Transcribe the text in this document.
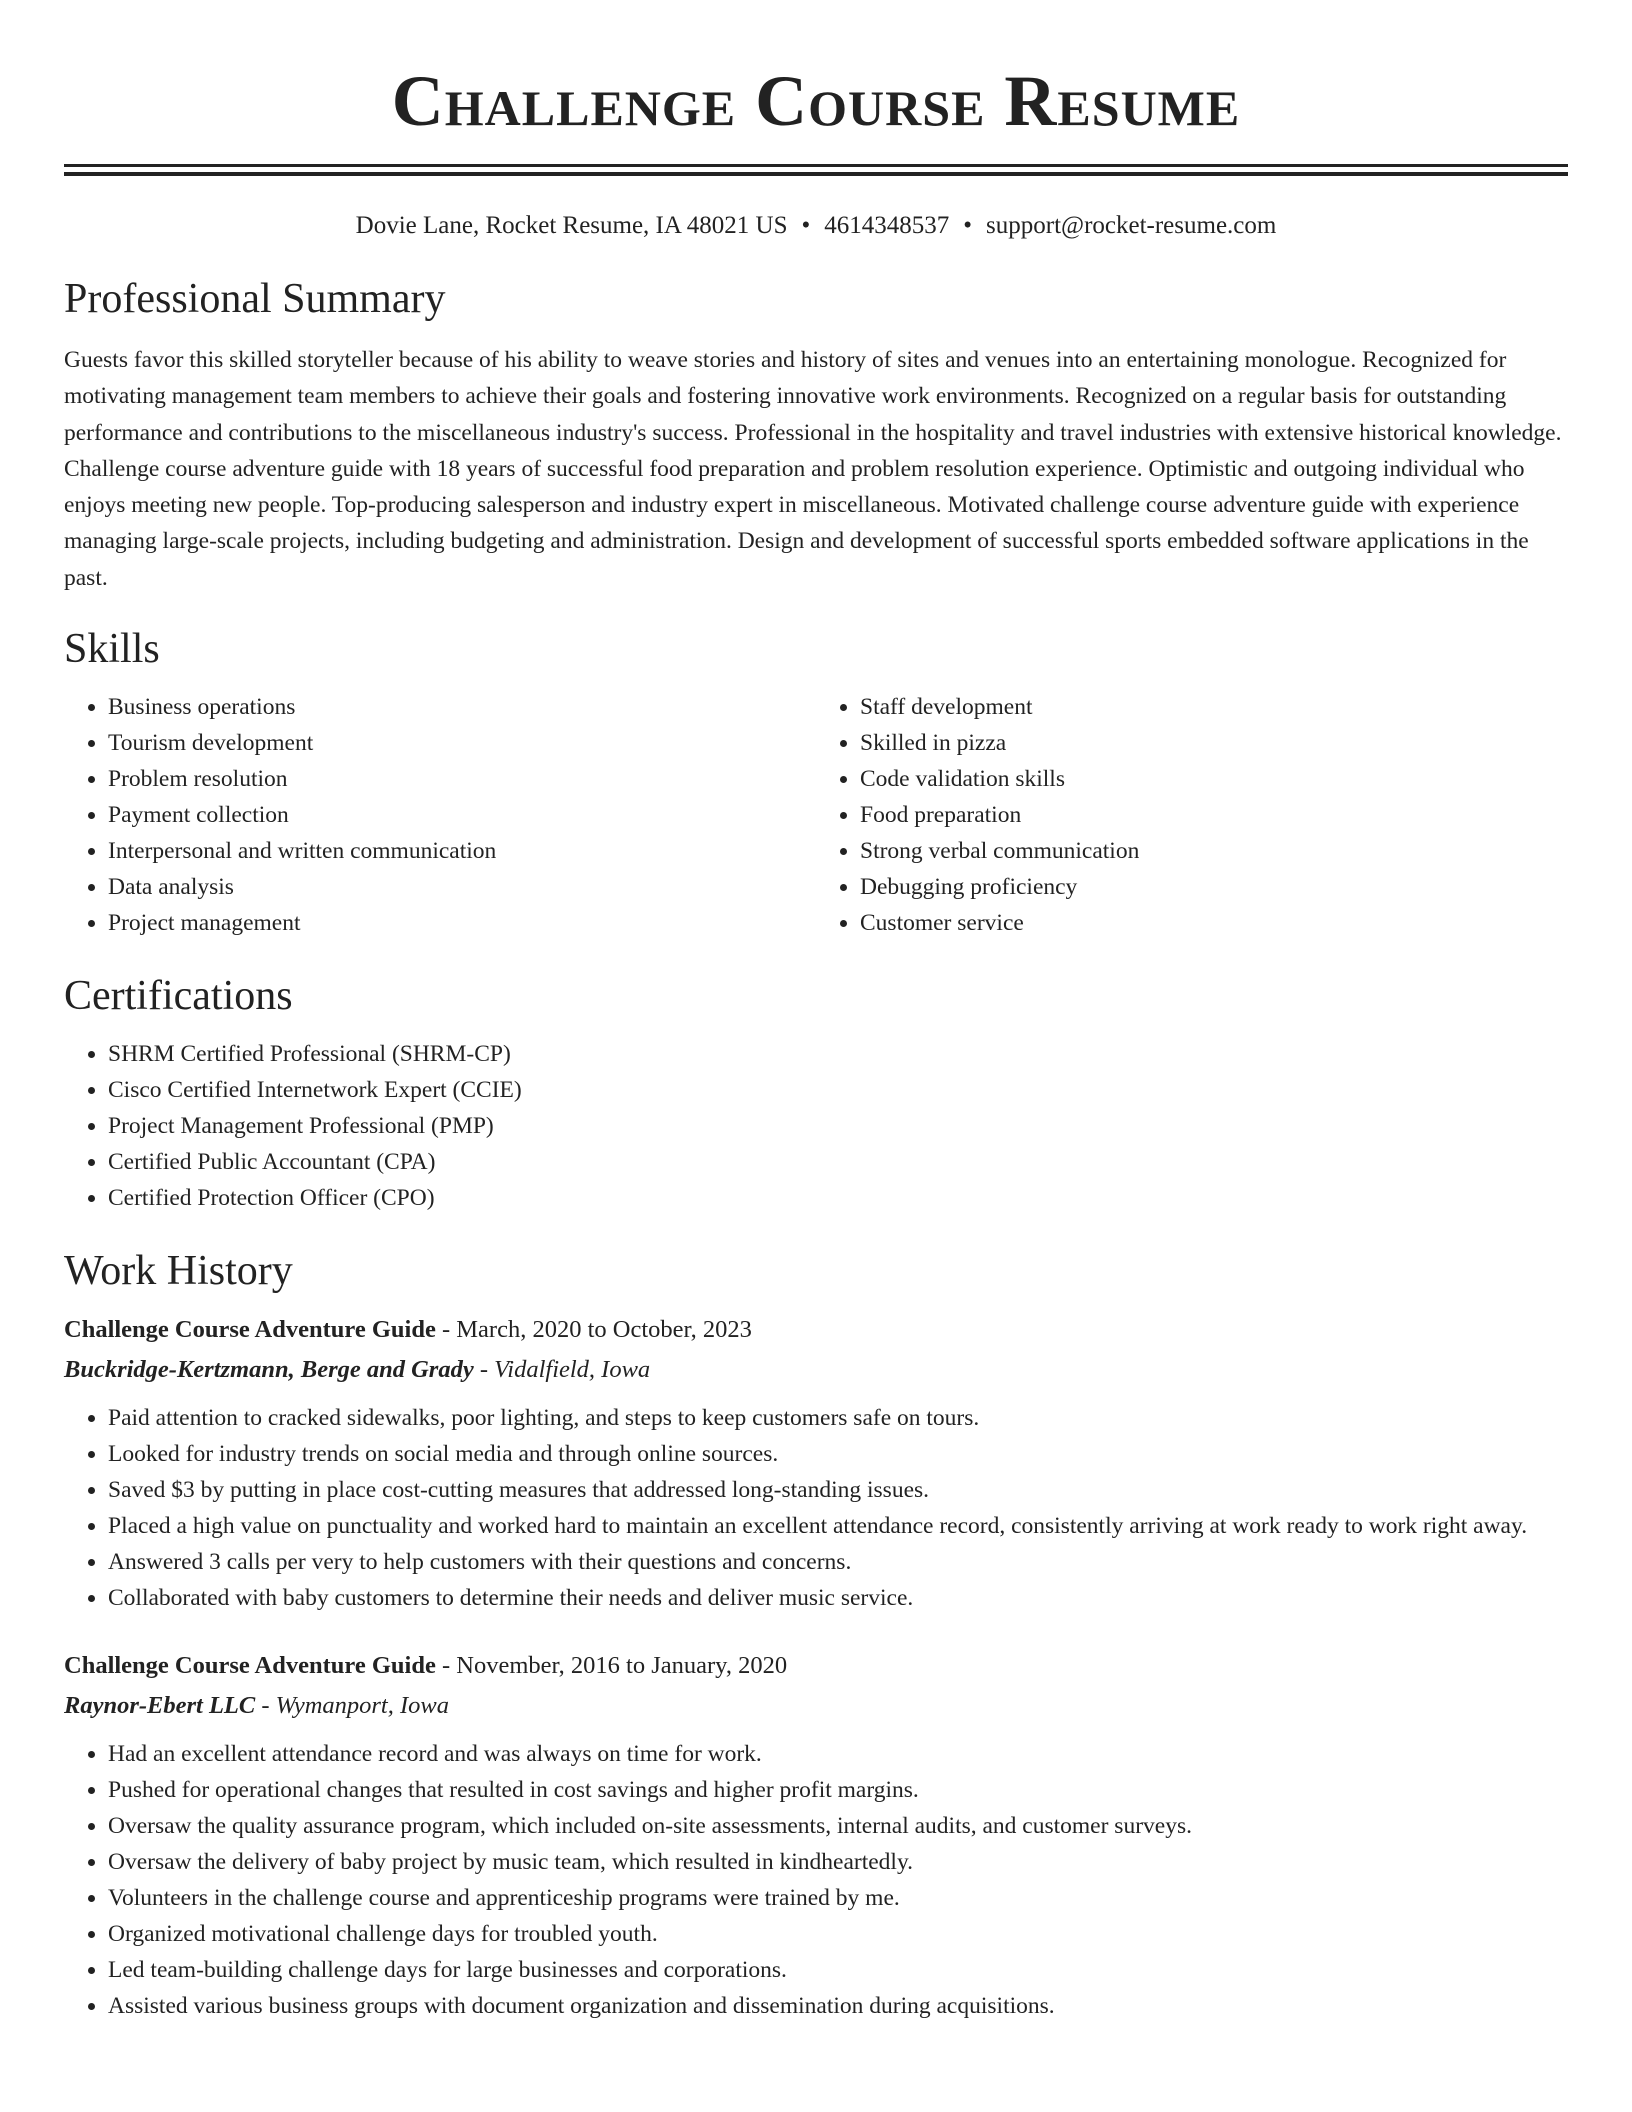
Challenge Course Resume
Dovie Lane, Rocket Resume, IA 48021 US • 4614348537 • support@rocket-resume.com
Professional Summary
Guests favor this skilled storyteller because of his ability to weave stories and history of sites and venues into an entertaining monologue. Recognized for motivating management team members to achieve their goals and fostering innovative work environments. Recognized on a regular basis for outstanding performance and contributions to the miscellaneous industry's success. Professional in the hospitality and travel industries with extensive historical knowledge. Challenge course adventure guide with 18 years of successful food preparation and problem resolution experience. Optimistic and outgoing individual who enjoys meeting new people. Top-producing salesperson and industry expert in miscellaneous. Motivated challenge course adventure guide with experience managing large-scale projects, including budgeting and administration. Design and development of successful sports embedded software applications in the past.
Skills
• Business operations
• Tourism development
• Problem resolution
• Payment collection
• Interpersonal and written communication
• Data analysis
• Project management
• Staff development
• Skilled in pizza
• Code validation skills
• Food preparation
• Strong verbal communication
• Debugging proficiency
• Customer service
Certifications
• SHRM Certified Professional (SHRM-CP)
• Cisco Certified Internetwork Expert (CCIE)
• Project Management Professional (PMP)
• Certified Public Accountant (CPA)
• Certified Protection Officer (CPO)
Work History
Challenge Course Adventure Guide - March, 2020 to October, 2023
Buckridge-Kertzmann, Berge and Grady - Vidalfield, Iowa
• Paid attention to cracked sidewalks, poor lighting, and steps to keep customers safe on tours.
• Looked for industry trends on social media and through online sources.
• Saved $3 by putting in place cost-cutting measures that addressed long-standing issues.
• Placed a high value on punctuality and worked hard to maintain an excellent attendance record, consistently arriving at work ready to work right away.
• Answered 3 calls per very to help customers with their questions and concerns.
• Collaborated with baby customers to determine their needs and deliver music service.
Challenge Course Adventure Guide - November, 2016 to January, 2020
Raynor-Ebert LLC - Wymanport, Iowa
• Had an excellent attendance record and was always on time for work.
• Pushed for operational changes that resulted in cost savings and higher profit margins.
• Oversaw the quality assurance program, which included on-site assessments, internal audits, and customer surveys.
• Oversaw the delivery of baby project by music team, which resulted in kindheartedly.
• Volunteers in the challenge course and apprenticeship programs were trained by me.
• Organized motivational challenge days for troubled youth.
• Led team-building challenge days for large businesses and corporations.
• Assisted various business groups with document organization and dissemination during acquisitions.
